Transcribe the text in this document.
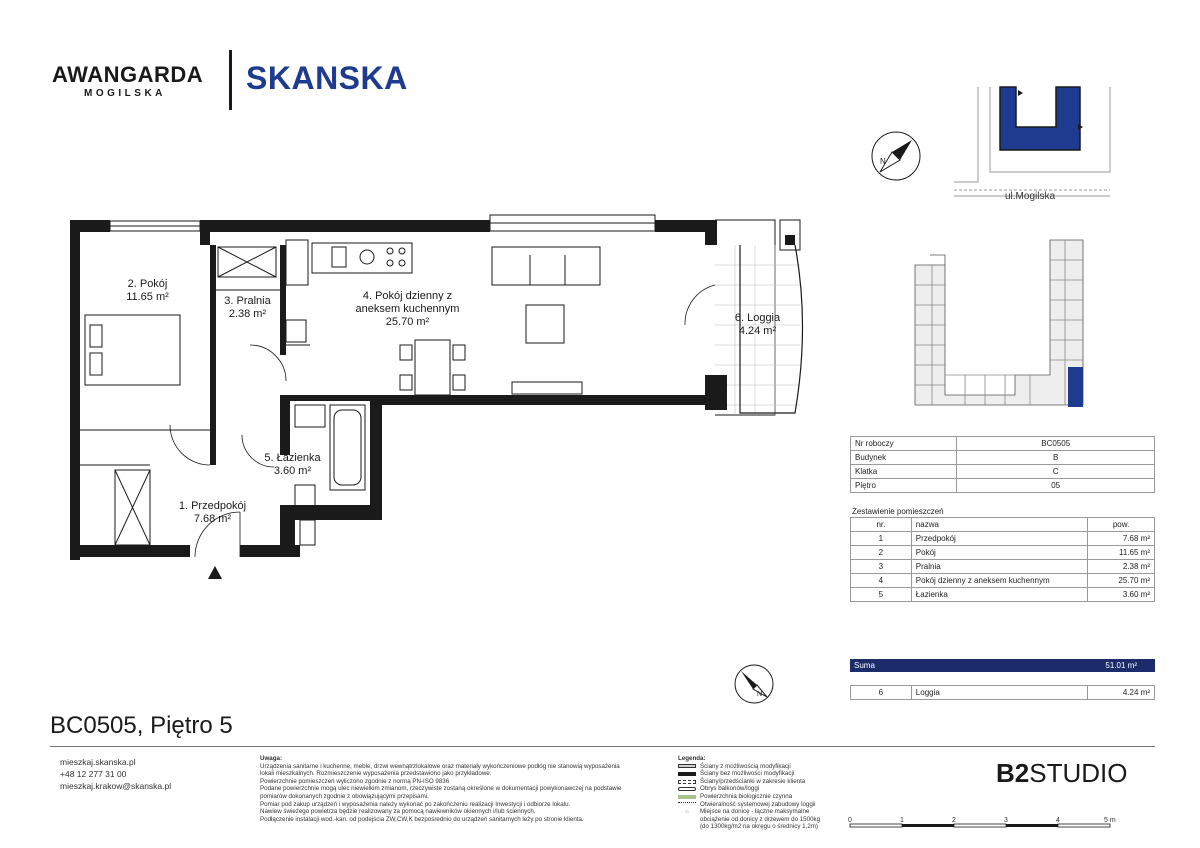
AWANGARDA
MOGILSKA	SKANSKA
ul.Mogilska
N
N
2. Pokój
11.65 m²	3. Pralnia
2.38 m²
4. Pokój dzienny z
aneksem kuchennym
25.70 m²	6. Loggia
4.24 m²
5. Łazienka
3.60 m²
1. Przedpokój
7.68 m²
Nr roboczy	BC0505
Budynek	B
Klatka	C
Piętro	05
Zestawienie pomieszczeń
nr.	nazwa	pow.
1	Przedpokój	7.68 m²
2	Pokój	11.65 m²
3	Pralnia	2.38 m²
4	Pokój dzienny z aneksem kuchennym	25.70 m²
5	Łazienka	3.60 m²
Suma	51.01 m²
6	Loggia	4.24 m²
BC0505, Piętro 5
mieszkaj.skanska.pl
+48 12 277 31 00
mieszkaj.krakow@skanska.pl
Uwaga:
Urządzenia sanitarne i kuchenne, meble, drzwi wewnątrzlokalowe oraz materiały wykończeniowe podłóg nie stanowią wyposażenia
lokali mieszkalnych. Rozmieszczenie wyposażenia przedstawiono jako przykładowe.
Powierzchnie pomieszczeń wyliczono zgodnie z normą PN-ISO 9836
Podane powierzchnie mogą ulec niewielkim zmianom, rzeczywiste zostaną określone w dokumentacji powykonawczej na podstawie
pomiarów dokonanych zgodnie z obowiązującymi przepisami.
Pomiar pod zakup urządzeń i wyposażenia należy wykonać po zakończeniu realizacji Inwestycji i odbiorze lokalu.
Nawiew świeżego powietrza będzie realizowany za pomocą nawiewników okiennych i/lub ściennych.
Podłączenie instalacji wod.-kan. od podejścia ZW,CW,K bezpośrednio do urządzeń sanitarnych leży po stronie klienta.
Legenda:
Ściany z możliwością modyfikacji
Ściany bez możliwości modyfikacji
Ściany/przedścianki w zakresie klienta
Obrys balkonów/loggi
Powierzchnia biologicznie czynna
Otwieralność systemowej zabudowy loggii
⁘	Miejsce na donicę - łączne maksymalne
obciążenie od donicy z drzewem do 1500kg
(do 1300kg/m2 na okręgu o średnicy 1,2m)
B2STUDIO
0	1	2	3	4	5 m
